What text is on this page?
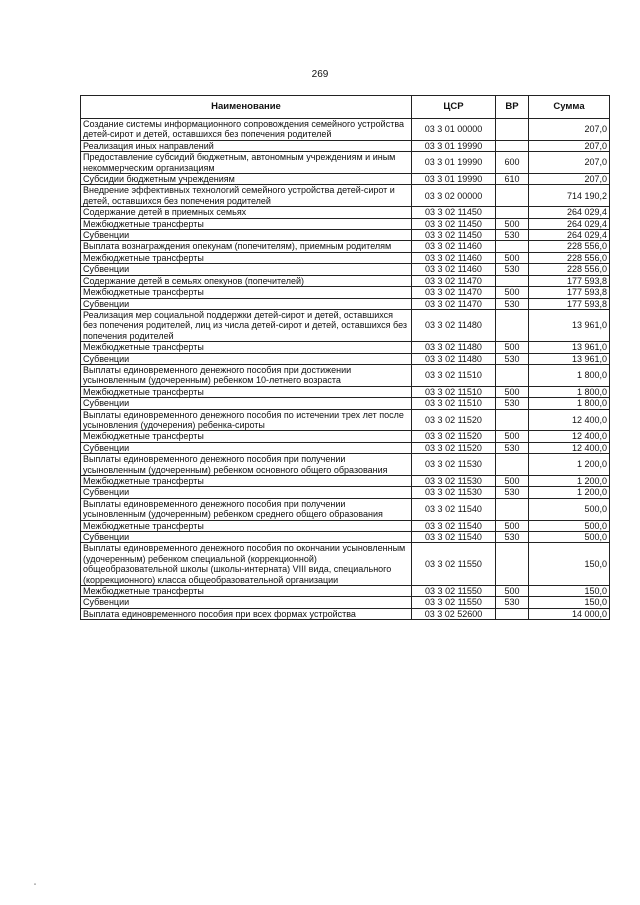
269
Наименование	ЦСР	ВР	Сумма
Создание системы информационного сопровождения семейного устройства детей-сирот и детей, оставшихся без попечения родителей	03 3 01 00000		207,0
Реализация иных направлений	03 3 01 19990		207,0
Предоставление субсидий бюджетным, автономным учреждениям и иным некоммерческим организациям	03 3 01 19990	600	207,0
Субсидии бюджетным учреждениям	03 3 01 19990	610	207,0
Внедрение эффективных технологий семейного устройства детей-сирот и детей, оставшихся без попечения родителей	03 3 02 00000		714 190,2
Содержание детей в приемных семьях	03 3 02 11450		264 029,4
Межбюджетные трансферты	03 3 02 11450	500	264 029,4
Субвенции	03 3 02 11450	530	264 029,4
Выплата вознаграждения опекунам (попечителям), приемным родителям	03 3 02 11460		228 556,0
Межбюджетные трансферты	03 3 02 11460	500	228 556,0
Субвенции	03 3 02 11460	530	228 556,0
Содержание детей в семьях опекунов (попечителей)	03 3 02 11470		177 593,8
Межбюджетные трансферты	03 3 02 11470	500	177 593,8
Субвенции	03 3 02 11470	530	177 593,8
Реализация мер социальной поддержки детей-сирот и детей, оставшихся без попечения родителей, лиц из числа детей-сирот и детей, оставшихся без попечения родителей	03 3 02 11480		13 961,0
Межбюджетные трансферты	03 3 02 11480	500	13 961,0
Субвенции	03 3 02 11480	530	13 961,0
Выплаты единовременного денежного пособия при достижении усыновленным (удочеренным) ребенком 10-летнего возраста	03 3 02 11510		1 800,0
Межбюджетные трансферты	03 3 02 11510	500	1 800,0
Субвенции	03 3 02 11510	530	1 800,0
Выплаты единовременного денежного пособия по истечении трех лет после усыновления (удочерения) ребенка-сироты	03 3 02 11520		12 400,0
Межбюджетные трансферты	03 3 02 11520	500	12 400,0
Субвенции	03 3 02 11520	530	12 400,0
Выплаты единовременного денежного пособия при получении усыновленным (удочеренным) ребенком основного общего образования	03 3 02 11530		1 200,0
Межбюджетные трансферты	03 3 02 11530	500	1 200,0
Субвенции	03 3 02 11530	530	1 200,0
Выплаты единовременного денежного пособия при получении усыновленным (удочеренным) ребенком среднего общего образования	03 3 02 11540		500,0
Межбюджетные трансферты	03 3 02 11540	500	500,0
Субвенции	03 3 02 11540	530	500,0
Выплаты единовременного денежного пособия по окончании усыновленным (удочеренным) ребенком специальной (коррекционной) общеобразовательной школы (школы-интерната) VIII вида, специального (коррекционного) класса общеобразовательной организации	03 3 02 11550		150,0
Межбюджетные трансферты	03 3 02 11550	500	150,0
Субвенции	03 3 02 11550	530	150,0
Выплата единовременного пособия при всех формах устройства	03 3 02 52600		14 000,0
"
